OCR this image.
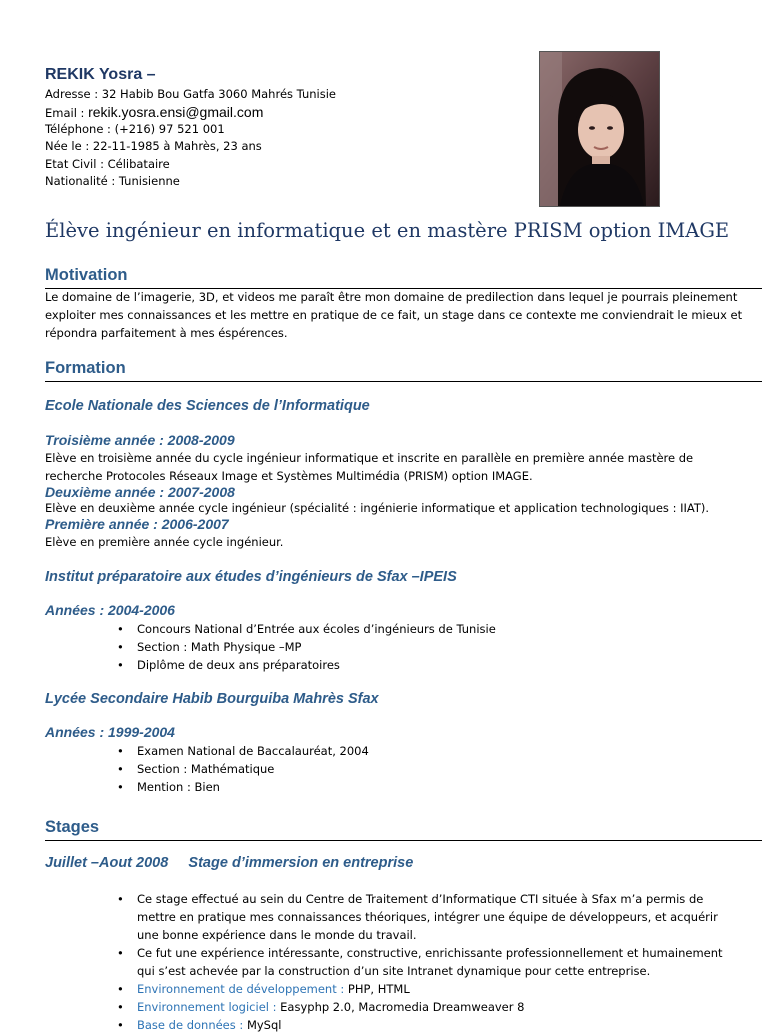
REKIK Yosra –
Adresse : 32 Habib Bou Gatfa 3060 Mahrés Tunisie
Email : rekik.yosra.ensi@gmail.com
Téléphone : (+216) 97 521 001
Née le : 22-11-1985 à Mahrès, 23 ans
Etat Civil : Célibataire
Nationalité : Tunisienne
Élève ingénieur en informatique et en mastère PRISM option IMAGE
Motivation
Le domaine de l’imagerie, 3D, et videos me paraît être mon domaine de predilection dans lequel je pourrais pleinement exploiter mes connaissances et les mettre en pratique de ce fait, un stage dans ce contexte me conviendrait le mieux et répondra parfaitement à mes éspérences.
Formation
Ecole Nationale des Sciences de l’Informatique
Troisième année : 2008-2009
Elève en troisième année du cycle ingénieur informatique et inscrite en parallèle en première année mastère de recherche Protocoles Réseaux Image et Systèmes Multimédia (PRISM) option IMAGE.
Deuxième année : 2007-2008
Elève en deuxième année cycle ingénieur (spécialité : ingénierie informatique et application technologiques : IIAT).
Première année : 2006-2007
Elève en première année cycle ingénieur.
Institut préparatoire aux études d’ingénieurs de Sfax –IPEIS
Années : 2004-2006
• Concours National d’Entrée aux écoles d’ingénieurs de Tunisie
• Section : Math Physique –MP
• Diplôme de deux ans préparatoires
Lycée Secondaire Habib Bourguiba Mahrès Sfax
Années : 1999-2004
• Examen National de Baccalauréat, 2004
• Section : Mathématique
• Mention : Bien
Stages
Juillet –Aout 2008     Stage d’immersion en entreprise
• Ce stage effectué au sein du Centre de Traitement d’Informatique CTI située à Sfax m’a permis de mettre en pratique mes connaissances théoriques, intégrer une équipe de développeurs, et acquérir une bonne expérience dans le monde du travail.
• Ce fut une expérience intéressante, constructive, enrichissante professionnellement et humainement qui s’est achevée par la construction d’un site Intranet dynamique pour cette entreprise.
• Environnement de développement : PHP, HTML
• Environnement logiciel : Easyphp 2.0, Macromedia Dreamweaver 8
• Base de données : MySql
